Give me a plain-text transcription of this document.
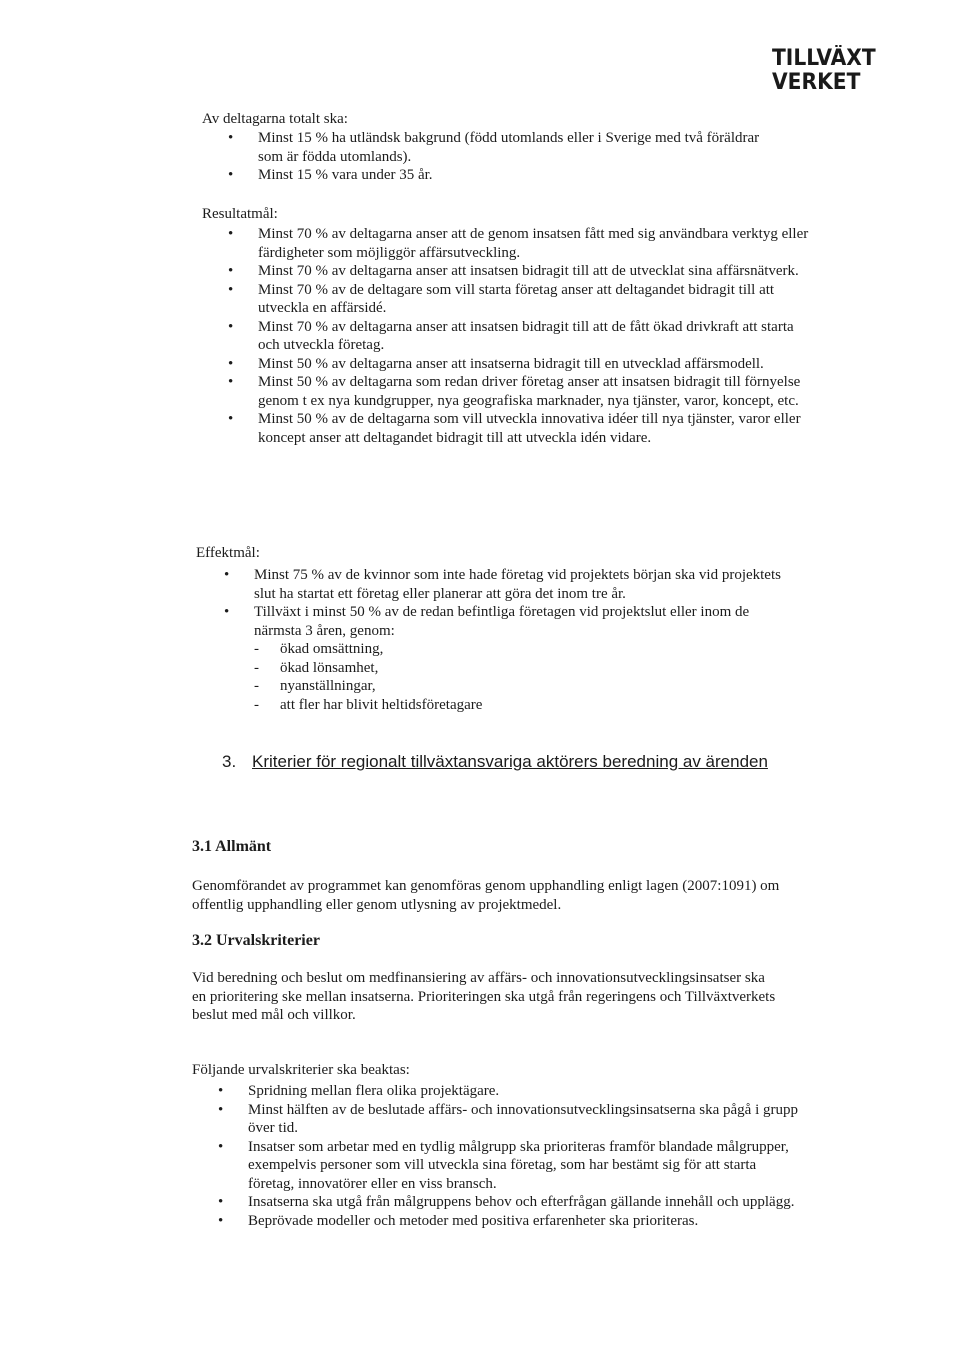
TILLVÄXT
VERKET

Av deltagarna totalt ska:

• Minst 15 % ha utländsk bakgrund (född utomlands eller i Sverige med två föräldrar som är födda utomlands).
• Minst 15 % vara under 35 år.

Resultatmål:

• Minst 70 % av deltagarna anser att de genom insatsen fått med sig användbara verktyg eller färdigheter som möjliggör affärsutveckling.
• Minst 70 % av deltagarna anser att insatsen bidragit till att de utvecklat sina affärsnätverk.
• Minst 70 % av de deltagare som vill starta företag anser att deltagandet bidragit till att utveckla en affärsidé.
• Minst 70 % av deltagarna anser att insatsen bidragit till att de fått ökad drivkraft att starta och utveckla företag.
• Minst 50 % av deltagarna anser att insatserna bidragit till en utvecklad affärsmodell.
• Minst 50 % av deltagarna som redan driver företag anser att insatsen bidragit till förnyelse genom t ex nya kundgrupper, nya geografiska marknader, nya tjänster, varor, koncept, etc.
• Minst 50 % av de deltagarna som vill utveckla innovativa idéer till nya tjänster, varor eller koncept anser att deltagandet bidragit till att utveckla idén vidare.

Effektmål:

• Minst 75 % av de kvinnor som inte hade företag vid projektets början ska vid projektets slut ha startat ett företag eller planerar att göra det inom tre år.
• Tillväxt i minst 50 % av de redan befintliga företagen vid projektslut eller inom de närmsta 3 åren, genom:
- ökad omsättning,
- ökad lönsamhet,
- nyanställningar,
- att fler har blivit heltidsföretagare
3. Kriterier för regionalt tillväxtansvariga aktörers beredning av ärenden
3.1 Allmänt

Genomförandet av programmet kan genomföras genom upphandling enligt lagen (2007:1091) om offentlig upphandling eller genom utlysning av projektmedel.

3.2 Urvalskriterier

Vid beredning och beslut om medfinansiering av affärs- och innovationsutvecklingsinsatser ska en prioritering ske mellan insatserna. Prioriteringen ska utgå från regeringens och Tillväxtverkets beslut med mål och villkor.

Följande urvalskriterier ska beaktas:

• Spridning mellan flera olika projektägare.
• Minst hälften av de beslutade affärs- och innovationsutvecklingsinsatserna ska pågå i grupp över tid.
• Insatser som arbetar med en tydlig målgrupp ska prioriteras framför blandade målgrupper, exempelvis personer som vill utveckla sina företag, som har bestämt sig för att starta företag, innovatörer eller en viss bransch.
• Insatserna ska utgå från målgruppens behov och efterfrågan gällande innehåll och upplägg.
• Beprövade modeller och metoder med positiva erfarenheter ska prioriteras.
